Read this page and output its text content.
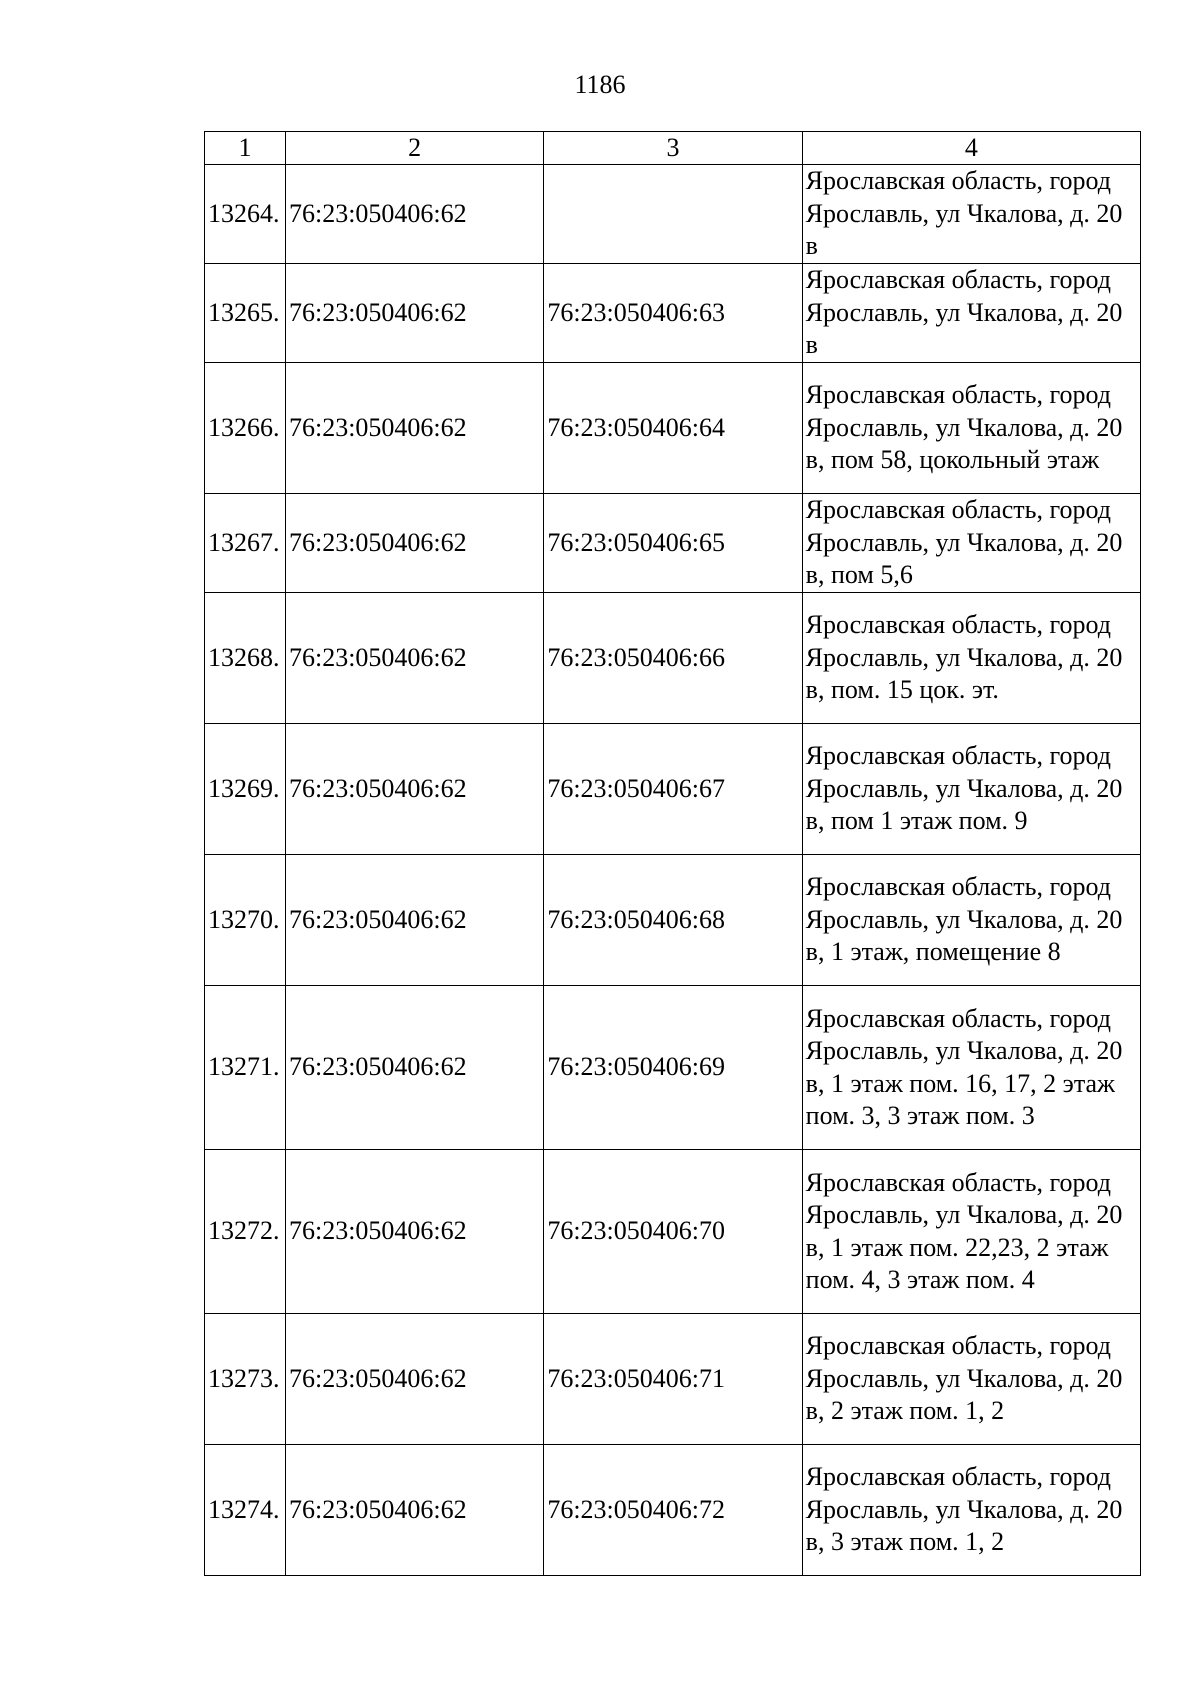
1186
1	2	3	4
13264.	76:23:050406:62		Ярославская область, город Ярославль, ул Чкалова, д. 20 в
13265.	76:23:050406:62	76:23:050406:63	Ярославская область, город Ярославль, ул Чкалова, д. 20 в
13266.	76:23:050406:62	76:23:050406:64	Ярославская область, город Ярославль, ул Чкалова, д. 20 в, пом 58, цокольный этаж
13267.	76:23:050406:62	76:23:050406:65	Ярославская область, город Ярославль, ул Чкалова, д. 20 в, пом 5,6
13268.	76:23:050406:62	76:23:050406:66	Ярославская область, город Ярославль, ул Чкалова, д. 20 в, пом. 15 цок. эт.
13269.	76:23:050406:62	76:23:050406:67	Ярославская область, город Ярославль, ул Чкалова, д. 20 в, пом 1 этаж пом. 9
13270.	76:23:050406:62	76:23:050406:68	Ярославская область, город Ярославль, ул Чкалова, д. 20 в, 1 этаж, помещение 8
13271.	76:23:050406:62	76:23:050406:69	Ярославская область, город Ярославль, ул Чкалова, д. 20 в, 1 этаж пом. 16, 17, 2 этаж пом. 3, 3 этаж пом. 3
13272.	76:23:050406:62	76:23:050406:70	Ярославская область, город Ярославль, ул Чкалова, д. 20 в, 1 этаж пом. 22,23, 2 этаж пом. 4, 3 этаж пом. 4
13273.	76:23:050406:62	76:23:050406:71	Ярославская область, город Ярославль, ул Чкалова, д. 20 в, 2 этаж пом. 1, 2
13274.	76:23:050406:62	76:23:050406:72	Ярославская область, город Ярославль, ул Чкалова, д. 20 в, 3 этаж пом. 1, 2
